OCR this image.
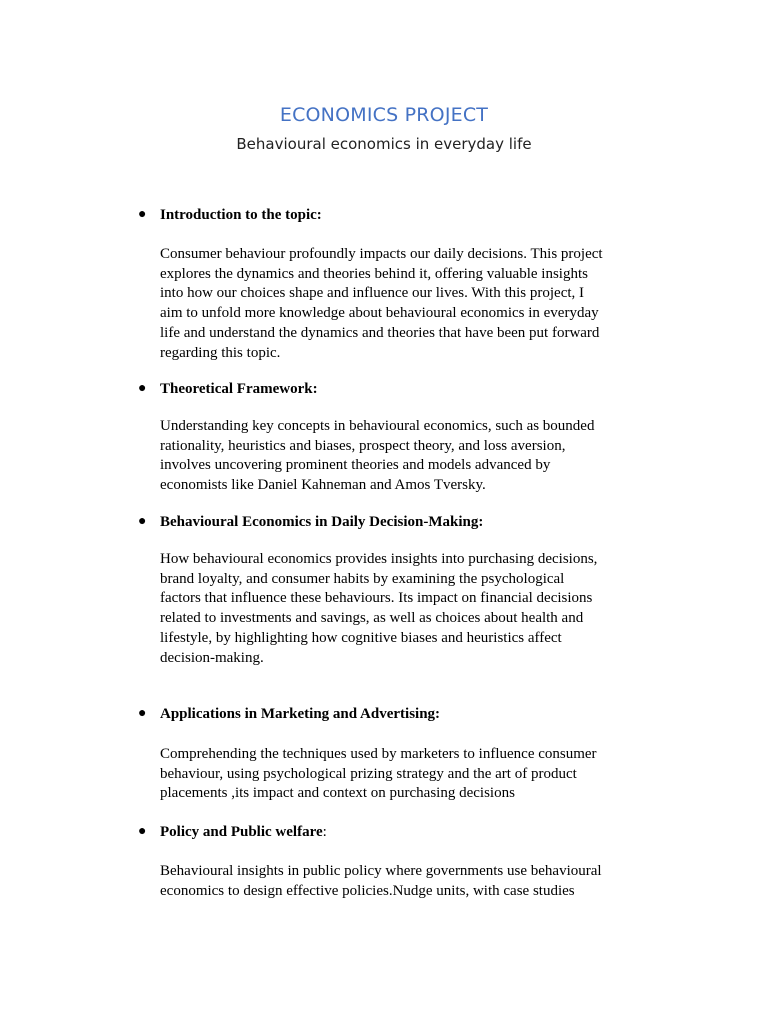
ECONOMICS PROJECT
Behavioural economics in everyday life
● Introduction to the topic:
Consumer behaviour profoundly impacts our daily decisions. This project
explores the dynamics and theories behind it, offering valuable insights
into how our choices shape and influence our lives. With this project, I
aim to unfold more knowledge about behavioural economics in everyday
life and understand the dynamics and theories that have been put forward
regarding this topic.
● Theoretical Framework:
Understanding key concepts in behavioural economics, such as bounded
rationality, heuristics and biases, prospect theory, and loss aversion,
involves uncovering prominent theories and models advanced by
economists like Daniel Kahneman and Amos Tversky.
● Behavioural Economics in Daily Decision-Making:
How behavioural economics provides insights into purchasing decisions,
brand loyalty, and consumer habits by examining the psychological
factors that influence these behaviours. Its impact on financial decisions
related to investments and savings, as well as choices about health and
lifestyle, by highlighting how cognitive biases and heuristics affect
decision-making.
● Applications in Marketing and Advertising:
Comprehending the techniques used by marketers to influence consumer
behaviour, using psychological prizing strategy and the art of product
placements ,its impact and context on purchasing decisions
● Policy and Public welfare:
Behavioural insights in public policy where governments use behavioural
economics to design effective policies.Nudge units, with case studies
